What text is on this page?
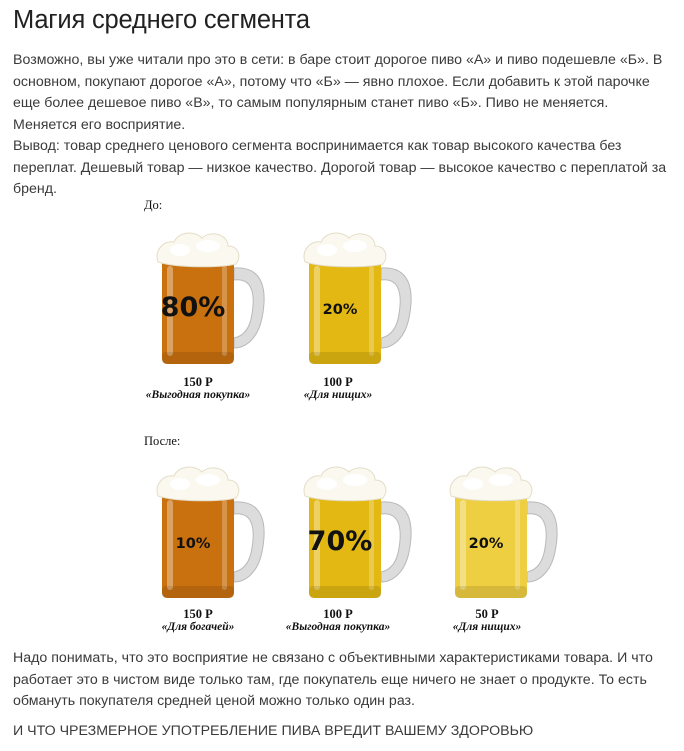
Магия среднего сегмента
Возможно, вы уже читали про это в сети: в баре стоит дорогое пиво «А» и пиво подешевле «Б». В основном, покупают дорогое «А», потому что «Б» — явно плохое. Если добавить к этой парочке еще более дешевое пиво «В», то самым популярным станет пиво «Б». Пиво не меняется. Меняется его восприятие.
Вывод: товар среднего ценового сегмента воспринимается как товар высокого качества без переплат. Дешевый товар — низкое качество. Дорогой товар — высокое качество с переплатой за бренд.
До:
80%
150 Р
«Выгодная покупка»
20%
100 Р
«Для нищих»
После:
10%
150 Р
«Для богачей»
70%
100 Р
«Выгодная покупка»
20%
50 Р
«Для нищих»
Надо понимать, что это восприятие не связано с объективными характеристиками товара. И что работает это в чистом виде только там, где покупатель еще ничего не знает о продукте. То есть обмануть покупателя средней ценой можно только один раз.
И ЧТО ЧРЕЗМЕРНОЕ УПОТРЕБЛЕНИЕ ПИВА ВРЕДИТ ВАШЕМУ ЗДОРОВЬЮ
